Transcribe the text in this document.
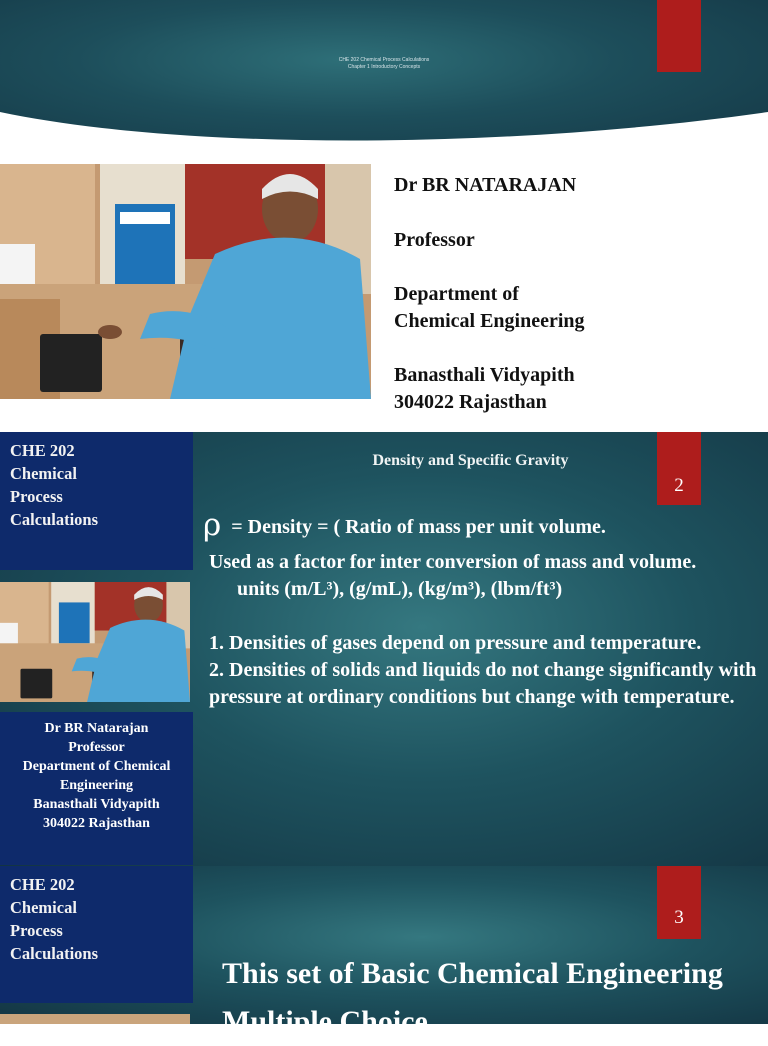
CHE 202 Chemical Process Calculations
Chapter 1 Introductory Concepts
Dr BR NATARAJAN
Professor
Department of
Chemical Engineering
Banasthali Vidyapith
304022 Rajasthan
CHE 202
Chemical
Process
Calculations
Dr BR Natarajan
Professor
Department of Chemical
Engineering
Banasthali Vidyapith
304022 Rajasthan
Density and Specific Gravity
2
ρ = Density = ( Ratio of mass per unit volume.
Used as a factor for inter conversion of mass and volume.
units (m/L³), (g/mL), (kg/m³), (lbm/ft³)
1. Densities of gases depend on pressure and temperature.
2. Densities of solids and liquids do not change significantly with pressure at ordinary conditions but change with temperature.
CHE 202
Chemical
Process
Calculations
3
This set of Basic Chemical Engineering Multiple Choice
